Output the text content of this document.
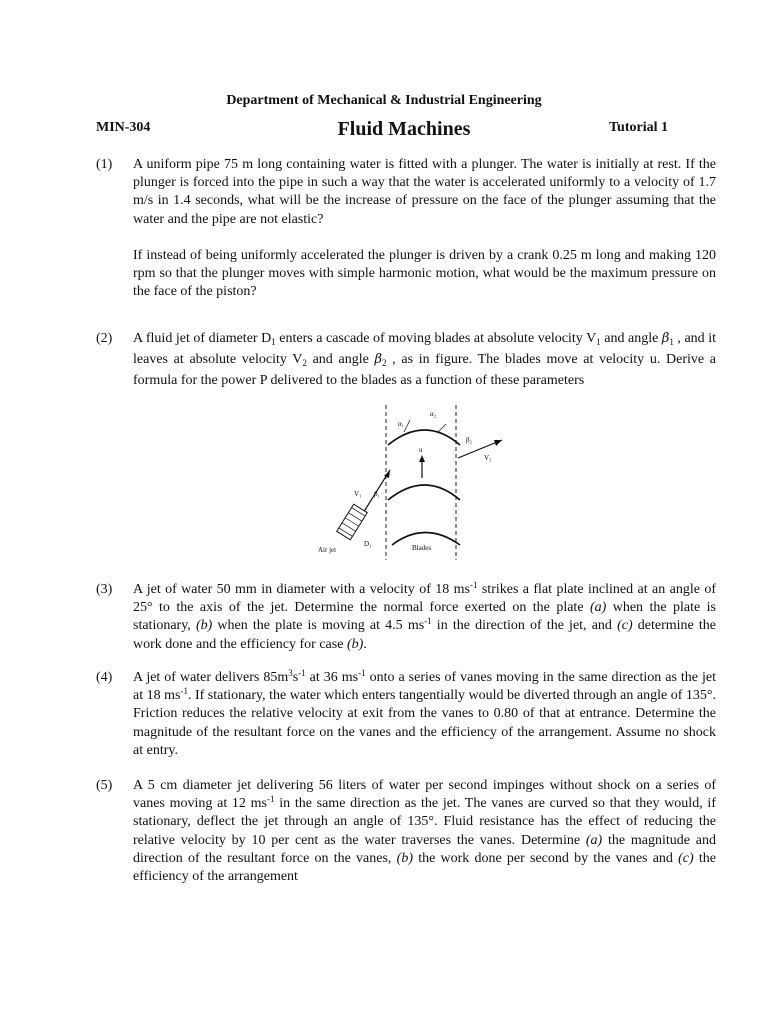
Department of Mechanical & Industrial Engineering
MIN-304	Fluid Machines	Tutorial 1
(1) A uniform pipe 75 m long containing water is fitted with a plunger. The water is initially at rest. If the plunger is forced into the pipe in such a way that the water is accelerated uniformly to a velocity of 1.7 m/s in 1.4 seconds, what will be the increase of pressure on the face of the plunger assuming that the water and the pipe are not elastic?

If instead of being uniformly accelerated the plunger is driven by a crank 0.25 m long and making 120 rpm so that the plunger moves with simple harmonic motion, what would be the maximum pressure on the face of the piston?

(2) A fluid jet of diameter $D_1$ enters a cascade of moving blades at absolute velocity $V_1$ and angle $\beta_1$ , and it leaves at absolute velocity $V_2$ and angle $\beta_2$ , as in figure. The blades move at velocity u. Derive a formula for the power P delivered to the blades as a function of these parameters
α₁
α₂
β₂
V₂
u
V₁ β₁
D₁
Air jet	Blades
(3) A jet of water 50 mm in diameter with a velocity of 18 $ms^{-1}$ strikes a flat plate inclined at an angle of 25° to the axis of the jet. Determine the normal force exerted on the plate (a) when the plate is stationary, (b) when the plate is moving at 4.5 $ms^{-1}$ in the direction of the jet, and (c) determine the work done and the efficiency for case (b).
(4) A jet of water delivers $85m^3s^{-1}$ at 36 $ms^{-1}$ onto a series of vanes moving in the same direction as the jet at 18 $ms^{-1}$. If stationary, the water which enters tangentially would be diverted through an angle of 135°. Friction reduces the relative velocity at exit from the vanes to 0.80 of that at entrance. Determine the magnitude of the resultant force on the vanes and the efficiency of the arrangement. Assume no shock at entry.
(5) A 5 cm diameter jet delivering 56 liters of water per second impinges without shock on a series of vanes moving at 12 $ms^{-1}$ in the same direction as the jet. The vanes are curved so that they would, if stationary, deflect the jet through an angle of 135°. Fluid resistance has the effect of reducing the relative velocity by 10 per cent as the water traverses the vanes. Determine (a) the magnitude and direction of the resultant force on the vanes, (b) the work done per second by the vanes and (c) the efficiency of the arrangement
